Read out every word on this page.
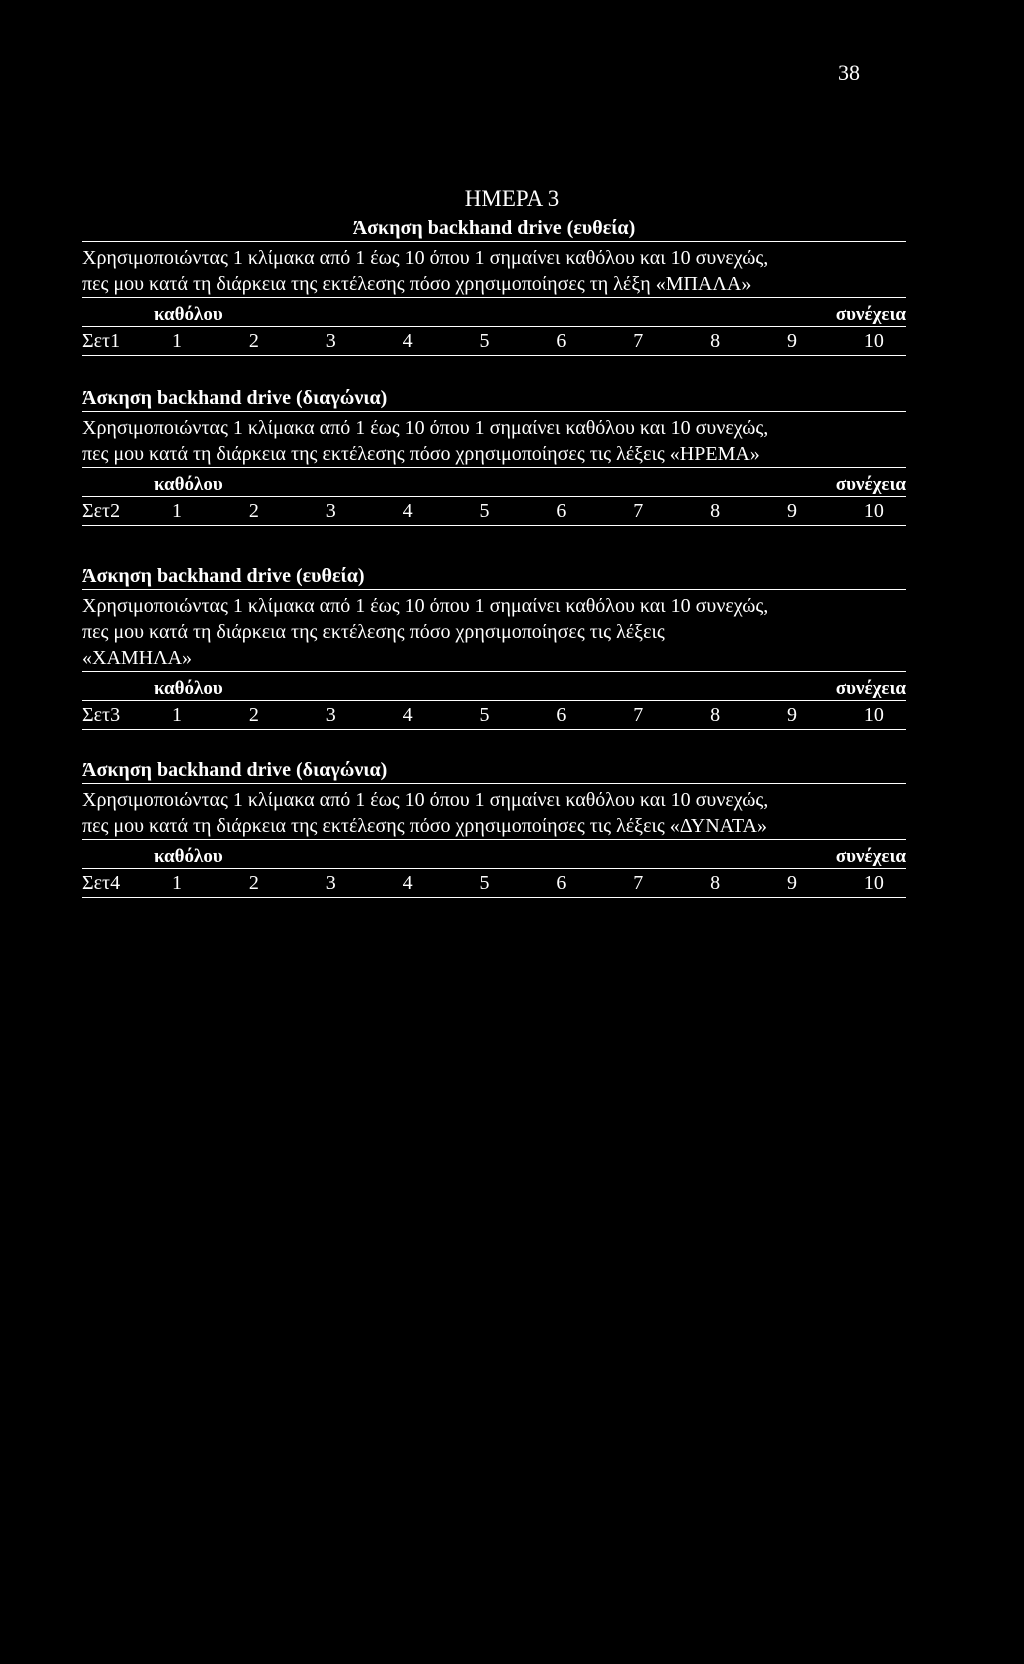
38
ΗΜΕΡΑ 3
Άσκηση backhand drive (ευθεία)
Χρησιμοποιώντας 1 κλίμακα από 1 έως 10 όπου 1 σημαίνει καθόλου και 10 συνεχώς,
πες μου κατά τη διάρκεια της εκτέλεσης πόσο χρησιμοποίησες τη λέξη «ΜΠΑΛΑ»
καθόλου	συνέχεια
Σετ1	1	2	3	4	5	6	7	8	9	10
Άσκηση backhand drive (διαγώνια)
Χρησιμοποιώντας 1 κλίμακα από 1 έως 10 όπου 1 σημαίνει καθόλου και 10 συνεχώς,
πες μου κατά τη διάρκεια της εκτέλεσης πόσο χρησιμοποίησες τις λέξεις «ΗΡΕΜΑ»
καθόλου	συνέχεια
Σετ2	1	2	3	4	5	6	7	8	9	10
Άσκηση backhand drive (ευθεία)
Χρησιμοποιώντας 1 κλίμακα από 1 έως 10 όπου 1 σημαίνει καθόλου και 10 συνεχώς,
πες μου κατά τη διάρκεια της εκτέλεσης πόσο χρησιμοποίησες τις λέξεις
«ΧΑΜΗΛΑ»
καθόλου	συνέχεια
Σετ3	1	2	3	4	5	6	7	8	9	10
Άσκηση backhand drive (διαγώνια)
Χρησιμοποιώντας 1 κλίμακα από 1 έως 10 όπου 1 σημαίνει καθόλου και 10 συνεχώς,
πες μου κατά τη διάρκεια της εκτέλεσης πόσο χρησιμοποίησες τις λέξεις «ΔΥΝΑΤΑ»
καθόλου	συνέχεια
Σετ4	1	2	3	4	5	6	7	8	9	10
